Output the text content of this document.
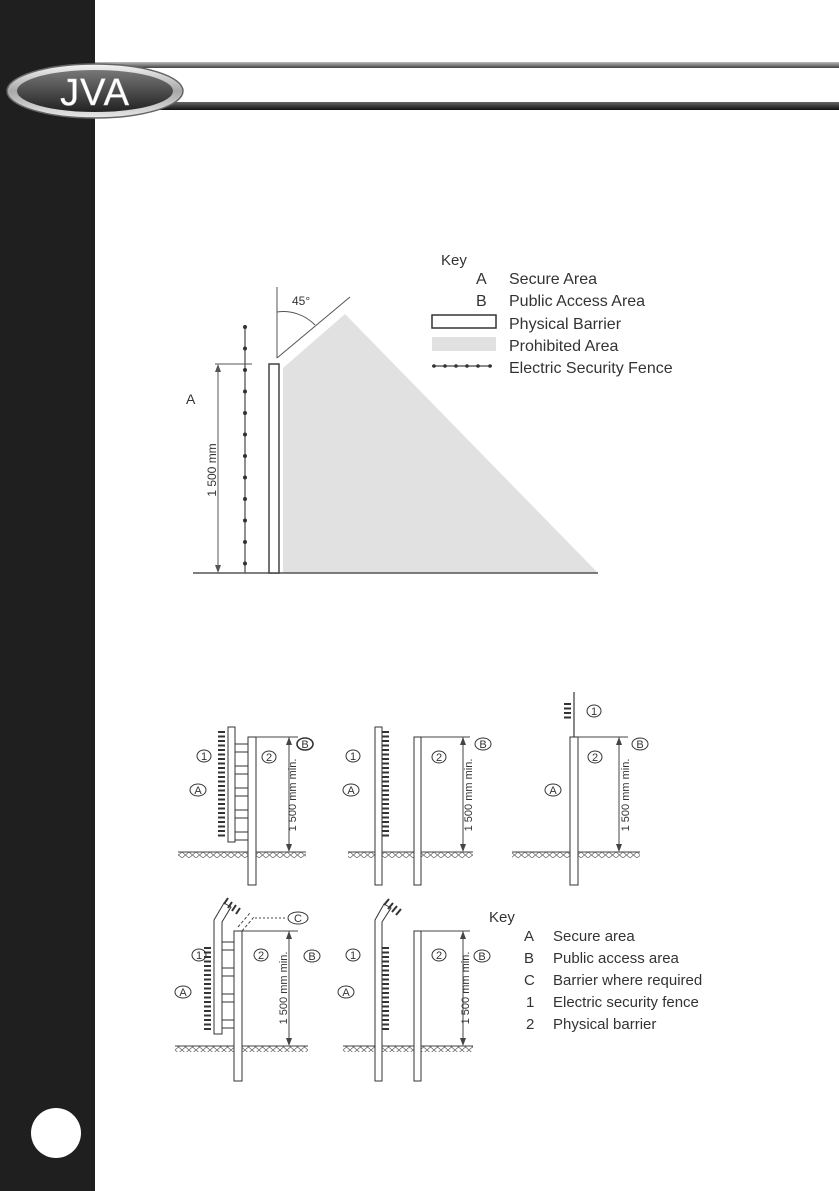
JVA
45°
1 500 mm
A
Key
A Secure Area
B Public Access Area
Physical Barrier
Prohibited Area
Electric Security Fence
1 500 mm min.
1
A
2
B
1 500 mm min.
1
A
2
B
1 500 mm min.
1
A
2
B
1 500 mm min.
C
1
A
2	B	1 500 mm min.
1
A
2	B
Key
A Secure area
B Public access area
C Barrier where required
1 Electric security fence
2 Physical barrier
